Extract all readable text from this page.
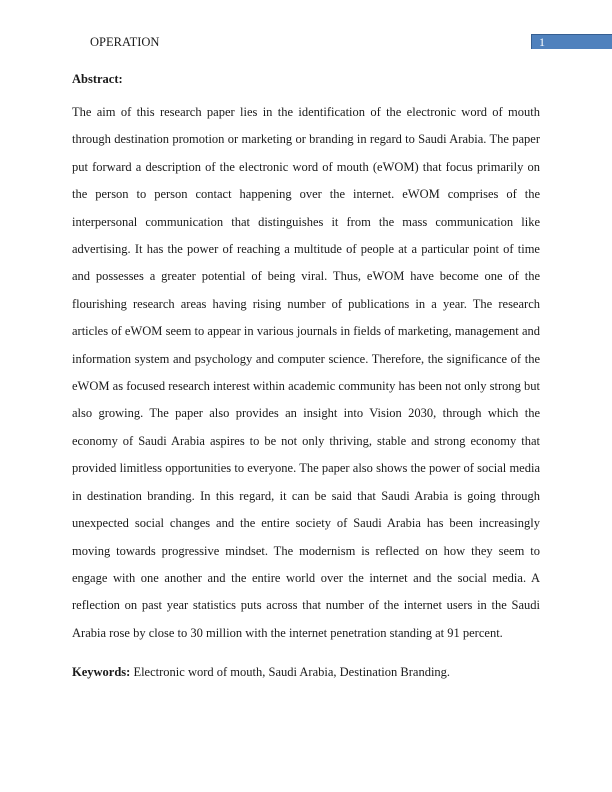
OPERATION	1
Abstract:

The aim of this research paper lies in the identification of the electronic word of mouth through destination promotion or marketing or branding in regard to Saudi Arabia. The paper put forward a description of the electronic word of mouth (eWOM) that focus primarily on the person to person contact happening over the internet. eWOM comprises of the interpersonal communication that distinguishes it from the mass communication like advertising. It has the power of reaching a multitude of people at a particular point of time and possesses a greater potential of being viral. Thus, eWOM have become one of the flourishing research areas having rising number of publications in a year. The research articles of eWOM seem to appear in various journals in fields of marketing, management and information system and psychology and computer science. Therefore, the significance of the eWOM as focused research interest within academic community has been not only strong but also growing. The paper also provides an insight into Vision 2030, through which the economy of Saudi Arabia aspires to be not only thriving, stable and strong economy that provided limitless opportunities to everyone. The paper also shows the power of social media in destination branding. In this regard, it can be said that Saudi Arabia is going through unexpected social changes and the entire society of Saudi Arabia has been increasingly moving towards progressive mindset. The modernism is reflected on how they seem to engage with one another and the entire world over the internet and the social media. A reflection on past year statistics puts across that number of the internet users in the Saudi Arabia rose by close to 30 million with the internet penetration standing at 91 percent.

Keywords: Electronic word of mouth, Saudi Arabia, Destination Branding.
